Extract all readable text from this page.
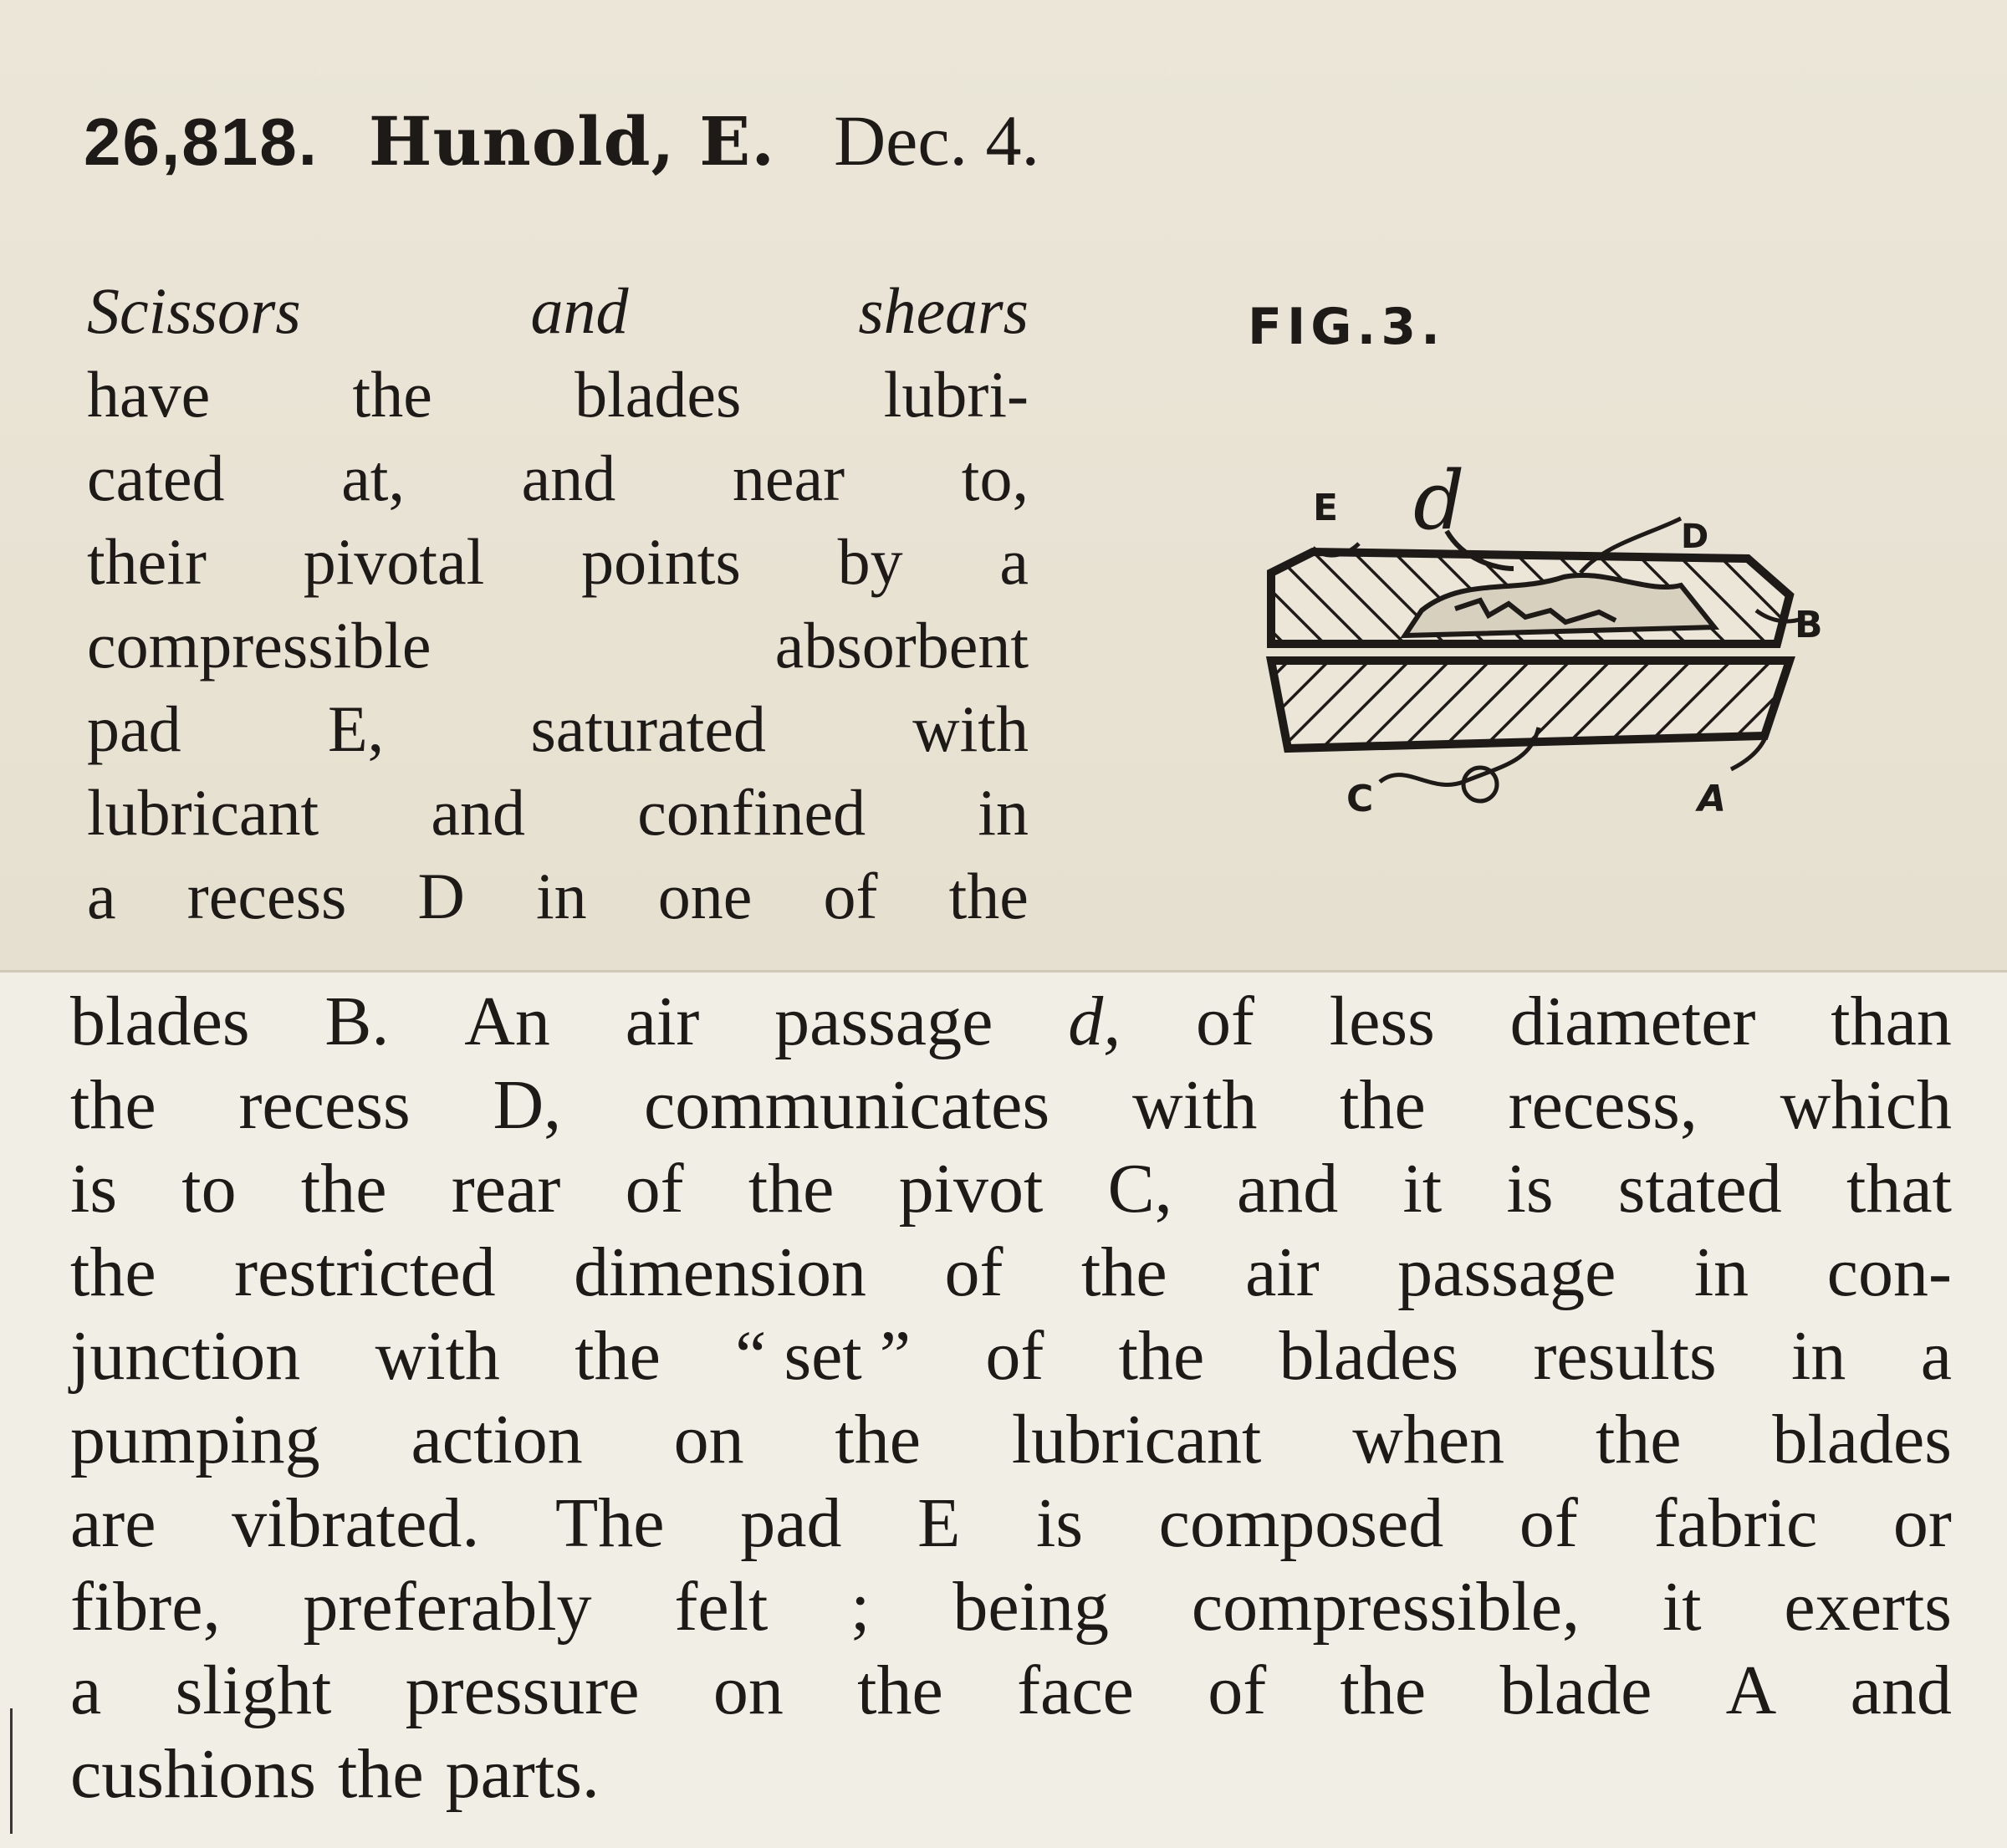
26,818. Hunold, E. Dec. 4.
Scissors	and	shears
have the blades lubri-
cated at, and near to,
their pivotal points by a
compressible	absorbent
pad E, saturated with
lubricant and confined in
a recess D in one of the
E d	D
B
C	A
FIG.3.
blades B. An air passage d, of less diameter than
the recess D, communicates with the recess, which
is to the rear of the pivot C, and it is stated that
the restricted dimension of the air passage in con-
junction with the “ set ” of the blades results in a
pumping action on the lubricant when the blades
are vibrated. The pad E is composed of fabric or
fibre, preferably felt ; being compressible, it exerts
a slight pressure on the face of the blade A and
cushions the parts.
